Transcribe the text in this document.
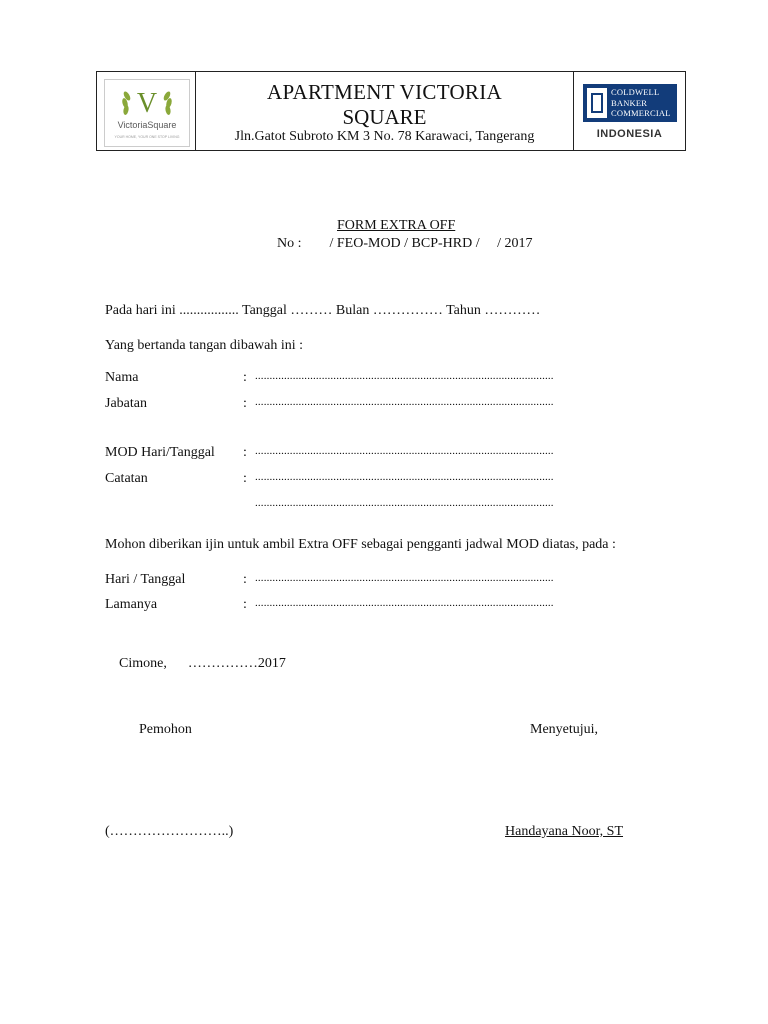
V
VictoriaSquare
YOUR HOME, YOUR ONE STOP LIVING
APARTMENT VICTORIA
SQUARE
Jln.Gatot Subroto KM 3 No. 78 Karawaci, Tangerang
COLDWELL
BANKER
COMMERCIAL
INDONESIA
FORM EXTRA OFF
No :        / FEO-MOD / BCP-HRD /     / 2017
Pada hari ini ................. Tanggal ……… Bulan …………… Tahun …………
Yang bertanda tangan dibawah ini :
Nama	: .......................................................................................................
Jabatan	: .......................................................................................................
MOD Hari/Tanggal : .......................................................................................................
Catatan	: .......................................................................................................
.......................................................................................................
Mohon diberikan ijin untuk ambil Extra OFF sebagai pengganti jadwal MOD diatas, pada :
Hari / Tanggal	: .......................................................................................................
Lamanya	: .......................................................................................................
Cimone,      ……………2017
Pemohon	Menyetujui,
(……………………..)	Handayana Noor, ST
